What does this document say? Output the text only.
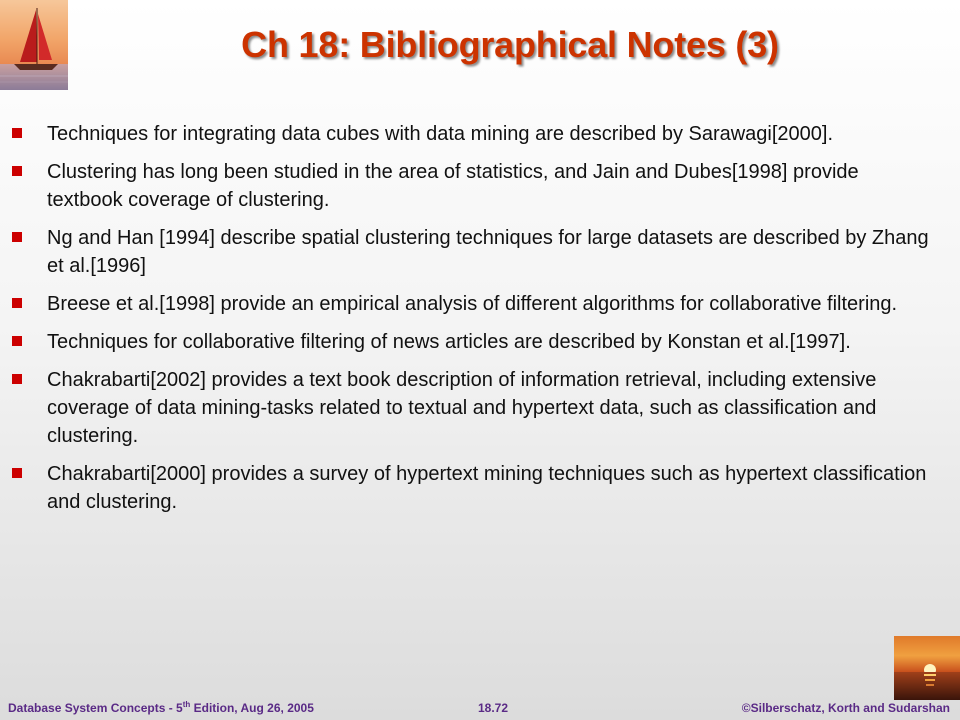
Ch 18: Bibliographical Notes (3)
Techniques for integrating data cubes with data mining are described by Sarawagi[2000].
Clustering has long been studied in the area of statistics, and Jain and Dubes[1998] provide textbook coverage of clustering.
Ng and Han [1994] describe spatial clustering techniques for large datasets are described by Zhang et al.[1996]
Breese et al.[1998] provide an empirical analysis of different algorithms for collaborative filtering.
Techniques for collaborative filtering of news articles are described by Konstan et al.[1997].
Chakrabarti[2002] provides a text book description of information retrieval, including extensive coverage of data mining-tasks related to textual and hypertext data, such as classification and clustering.
Chakrabarti[2000] provides a survey of hypertext mining techniques such as hypertext classification and clustering.
Database System Concepts - 5th Edition, Aug 26, 2005	18.72	©Silberschatz, Korth and Sudarshan
